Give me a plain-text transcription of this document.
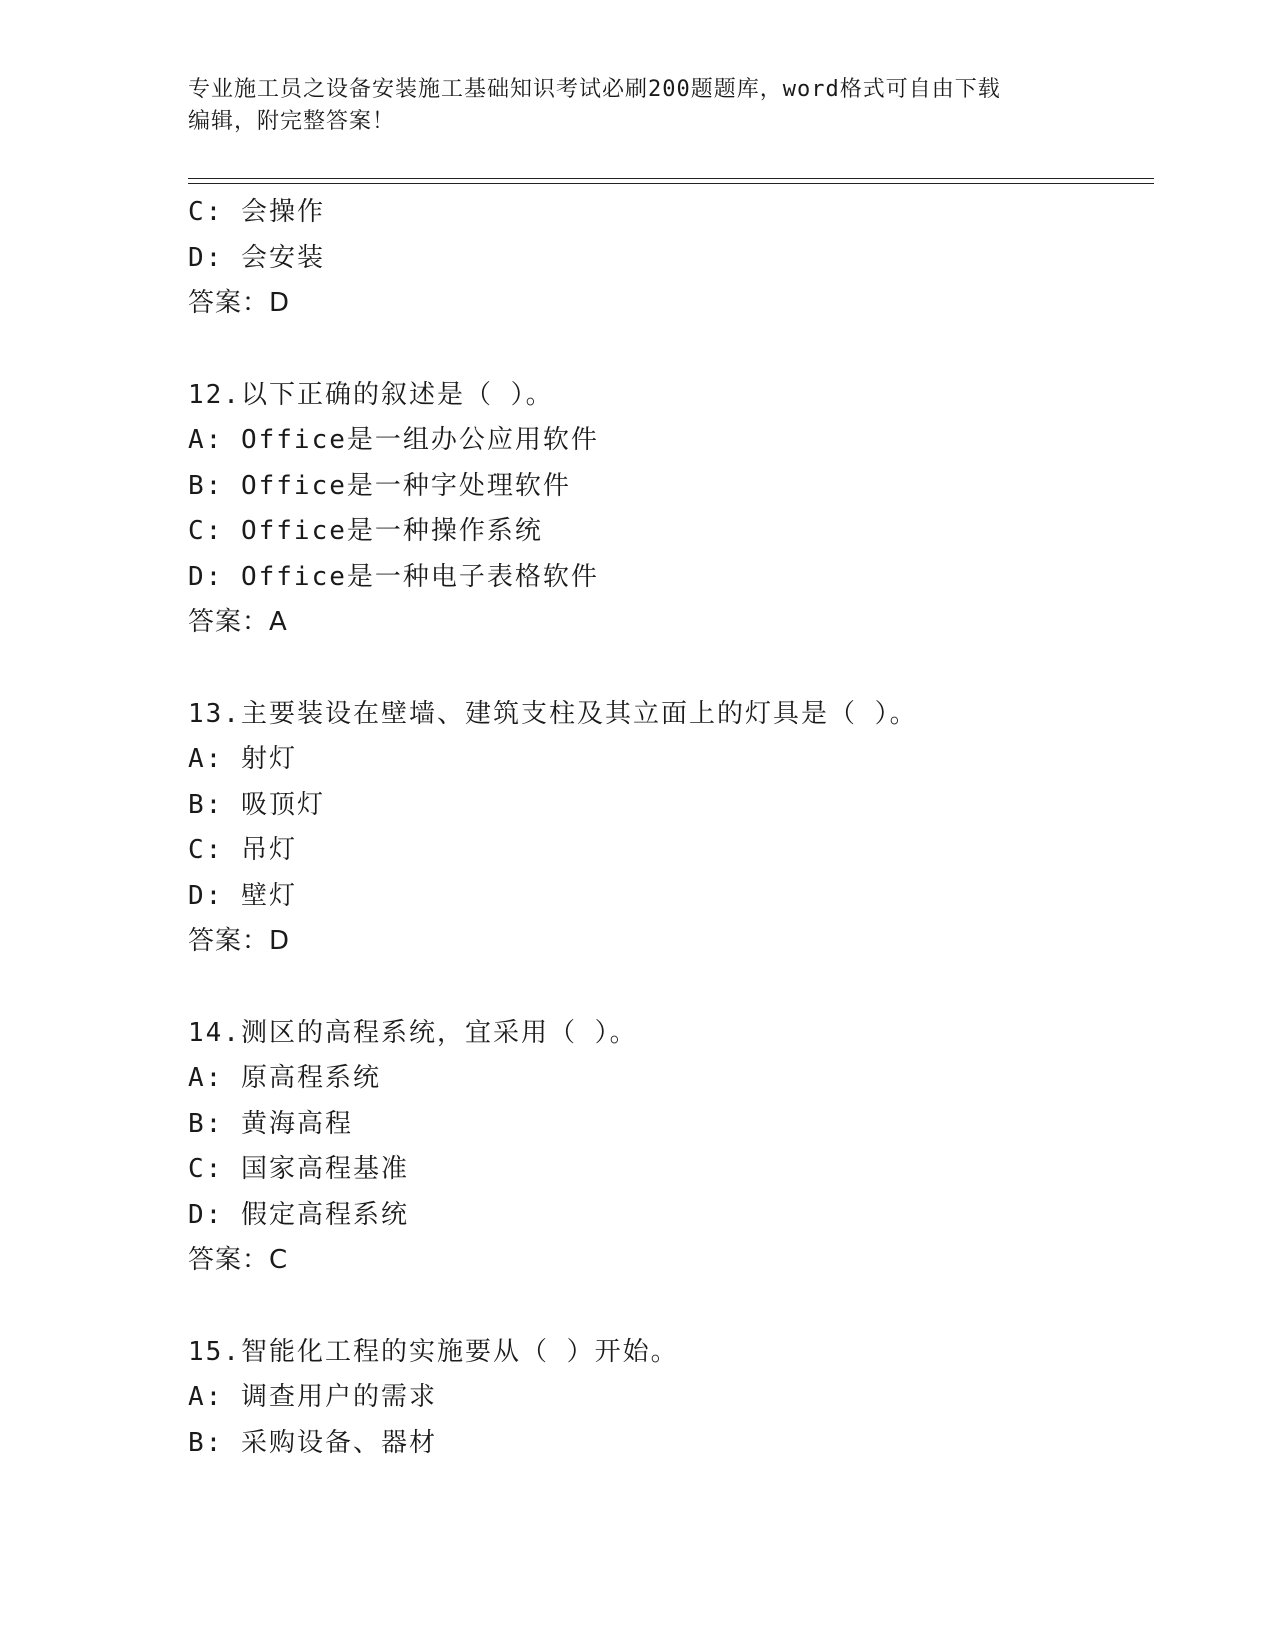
专业施工员之设备安装施工基础知识考试必刷200题题库，word格式可自由下载
编辑，附完整答案！
C: 会操作
D: 会安装
答案：D
12.以下正确的叙述是（ ）。
A: Office是一组办公应用软件
B: Office是一种字处理软件
C: Office是一种操作系统
D: Office是一种电子表格软件
答案：A
13.主要装设在壁墙、建筑支柱及其立面上的灯具是（ ）。
A: 射灯
B: 吸顶灯
C: 吊灯
D: 壁灯
答案：D
14.测区的高程系统，宜采用（ ）。
A: 原高程系统
B: 黄海高程
C: 国家高程基准
D: 假定高程系统
答案：C
15.智能化工程的实施要从（ ）开始。
A: 调查用户的需求
B: 采购设备、器材
